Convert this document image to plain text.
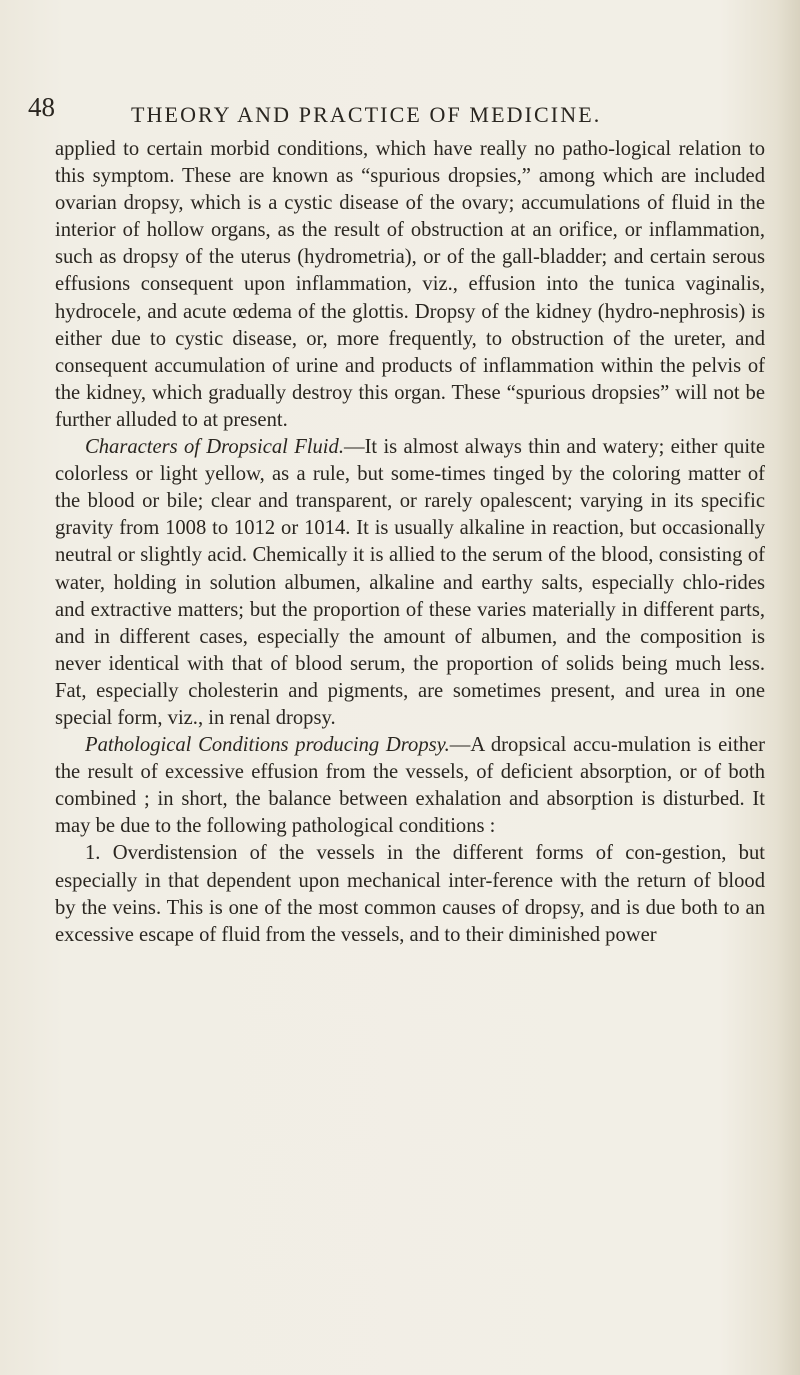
48	THEORY AND PRACTICE OF MEDICINE.

applied to certain morbid conditions, which have really no patho-logical relation to this symptom. These are known as “spurious dropsies,” among which are included ovarian dropsy, which is a cystic disease of the ovary; accumulations of fluid in the interior of hollow organs, as the result of obstruction at an orifice, or inflammation, such as dropsy of the uterus (hydrometria), or of the gall-bladder; and certain serous effusions consequent upon inflammation, viz., effusion into the tunica vaginalis, hydrocele, and acute œdema of the glottis. Dropsy of the kidney (hydro-nephrosis) is either due to cystic disease, or, more frequently, to obstruction of the ureter, and consequent accumulation of urine and products of inflammation within the pelvis of the kidney, which gradually destroy this organ. These “spurious dropsies” will not be further alluded to at present.

Characters of Dropsical Fluid.—It is almost always thin and watery; either quite colorless or light yellow, as a rule, but some-times tinged by the coloring matter of the blood or bile; clear and transparent, or rarely opalescent; varying in its specific gravity from 1008 to 1012 or 1014. It is usually alkaline in reaction, but occasionally neutral or slightly acid. Chemically it is allied to the serum of the blood, consisting of water, holding in solution albumen, alkaline and earthy salts, especially chlo-rides and extractive matters; but the proportion of these varies materially in different parts, and in different cases, especially the amount of albumen, and the composition is never identical with that of blood serum, the proportion of solids being much less. Fat, especially cholesterin and pigments, are sometimes present, and urea in one special form, viz., in renal dropsy.

Pathological Conditions producing Dropsy.—A dropsical accu-mulation is either the result of excessive effusion from the vessels, of deficient absorption, or of both combined ; in short, the balance between exhalation and absorption is disturbed. It may be due to the following pathological conditions :

1. Overdistension of the vessels in the different forms of con-gestion, but especially in that dependent upon mechanical inter-ference with the return of blood by the veins. This is one of the most common causes of dropsy, and is due both to an excessive escape of fluid from the vessels, and to their diminished power
